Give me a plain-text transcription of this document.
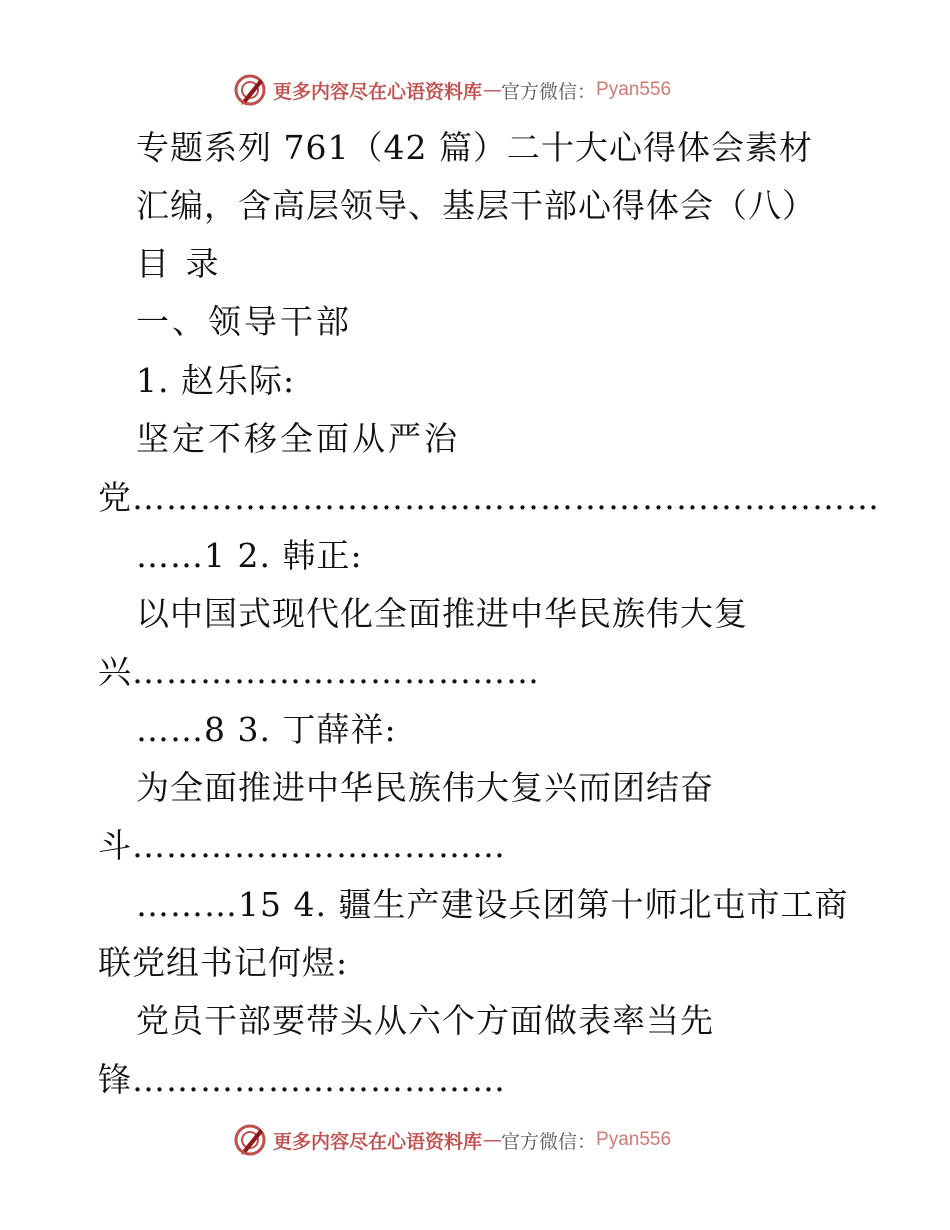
更多内容尽在心语资料库 — 官方微信： Pyan556
专题系列 761（42 篇）二十大心得体会素材
汇编，含高层领导、基层干部心得体会（八）
目 录
一、领导干部
1. 赵乐际:
坚定不移全面从严治
党…………………………………………………………
……1 2. 韩正:
以中国式现代化全面推进中华民族伟大复
兴………………………………
……8 3. 丁薛祥:
为全面推进中华民族伟大复兴而团结奋
斗……………………………
………15 4. 疆生产建设兵团第十师北屯市工商
联党组书记何煜:
党员干部要带头从六个方面做表率当先
锋……………………………
更多内容尽在心语资料库 — 官方微信： Pyan556
